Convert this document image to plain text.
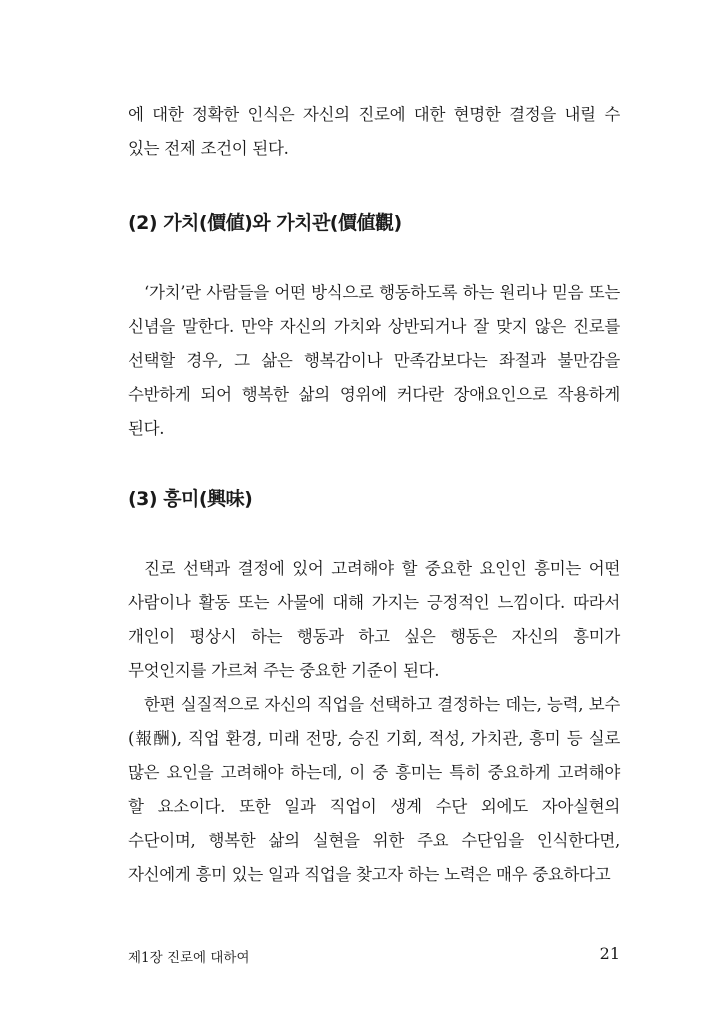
에 대한 정확한 인식은 자신의 진로에 대한 현명한 결정을 내릴 수 있는 전제 조건이 된다.

(2) 가치(價値)와 가치관(價値觀)

‘가치’란 사람들을 어떤 방식으로 행동하도록 하는 원리나 믿음 또는 신념을 말한다. 만약 자신의 가치와 상반되거나 잘 맞지 않은 진로를 선택할 경우, 그 삶은 행복감이나 만족감보다는 좌절과 불만감을 수반하게 되어 행복한 삶의 영위에 커다란 장애요인으로 작용하게 된다.

(3) 흥미(興味)

진로 선택과 결정에 있어 고려해야 할 중요한 요인인 흥미는 어떤 사람이나 활동 또는 사물에 대해 가지는 긍정적인 느낌이다. 따라서 개인이 평상시 하는 행동과 하고 싶은 행동은 자신의 흥미가 무엇인지를 가르쳐 주는 중요한 기준이 된다.

한편 실질적으로 자신의 직업을 선택하고 결정하는 데는, 능력, 보수(報酬), 직업 환경, 미래 전망, 승진 기회, 적성, 가치관, 흥미 등 실로 많은 요인을 고려해야 하는데, 이 중 흥미는 특히 중요하게 고려해야 할 요소이다. 또한 일과 직업이 생계 수단 외에도 자아실현의 수단이며, 행복한 삶의 실현을 위한 주요 수단임을 인식한다면, 자신에게 흥미 있는 일과 직업을 찾고자 하는 노력은 매우 중요하다고

제1장 진로에 대하여	21
